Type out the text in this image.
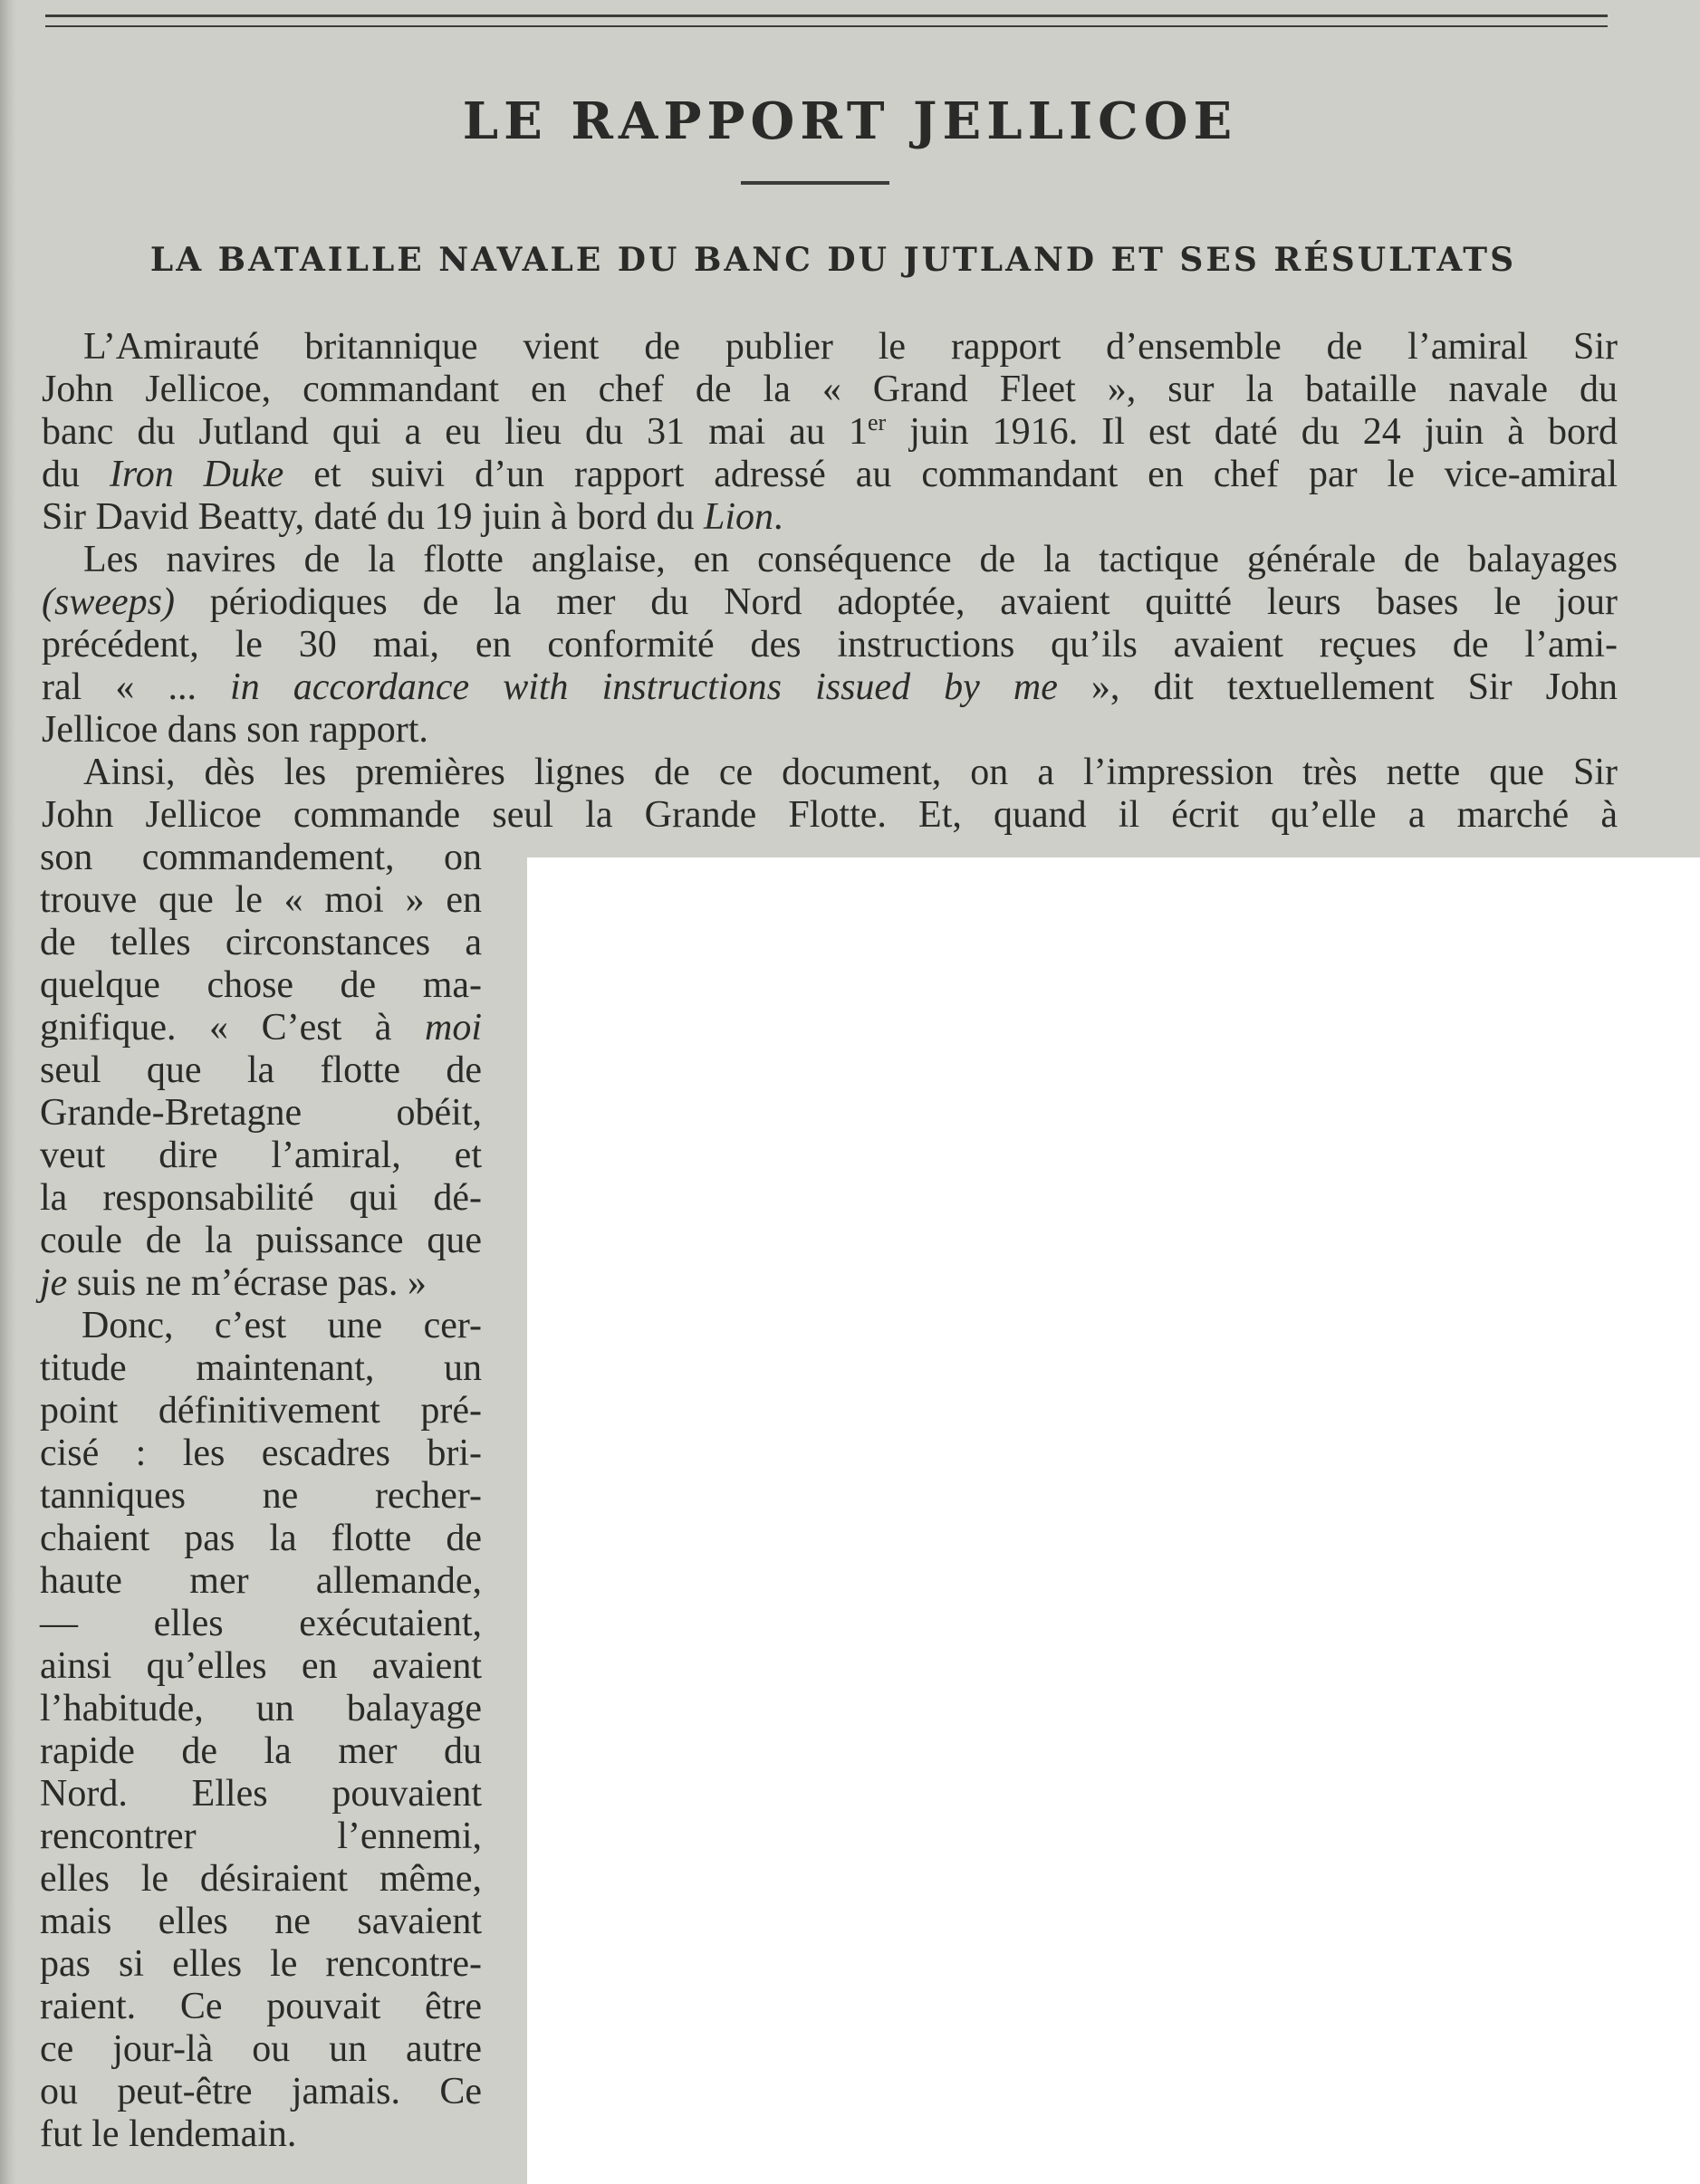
LE RAPPORT JELLICOE
LA BATAILLE NAVALE DU BANC DU JUTLAND ET SES RÉSULTATS

L’Amirauté britannique vient de publier le rapport d’ensemble de l’amiral Sir

John Jellicoe, commandant en chef de la « Grand Fleet », sur la bataille navale du

banc du Jutland qui a eu lieu du 31 mai au 1er juin 1916. Il est daté du 24 juin à bord

du Iron Duke et suivi d’un rapport adressé au commandant en chef par le vice-amiral

Sir David Beatty, daté du 19 juin à bord du Lion.

Les navires de la flotte anglaise, en conséquence de la tactique générale de balayages

(sweeps) périodiques de la mer du Nord adoptée, avaient quitté leurs bases le jour

précédent, le 30 mai, en conformité des instructions qu’ils avaient reçues de l’ami-

ral « ... in accordance with instructions issued by me », dit textuellement Sir John

Jellicoe dans son rapport.

Ainsi, dès les premières lignes de ce document, on a l’impression très nette que Sir

John Jellicoe commande seul la Grande Flotte. Et, quand il écrit qu’elle a marché à

son commandement, on

trouve que le « moi » en

de telles circonstances a

quelque chose de ma-

gnifique. « C’est à moi

seul que la flotte de

Grande-Bretagne obéit,

veut dire l’amiral, et

la responsabilité qui dé-

coule de la puissance que

je suis ne m’écrase pas. »

Donc, c’est une cer-

titude maintenant, un

point définitivement pré-

cisé : les escadres bri-

tanniques ne recher-

chaient pas la flotte de

haute mer allemande,

— elles exécutaient,

ainsi qu’elles en avaient

l’habitude, un balayage

rapide de la mer du

Nord. Elles pouvaient

rencontrer l’ennemi,

elles le désiraient même,

mais elles ne savaient

pas si elles le rencontre-

raient. Ce pouvait être

ce jour-là ou un autre

ou peut-être jamais. Ce

fut le lendemain.
